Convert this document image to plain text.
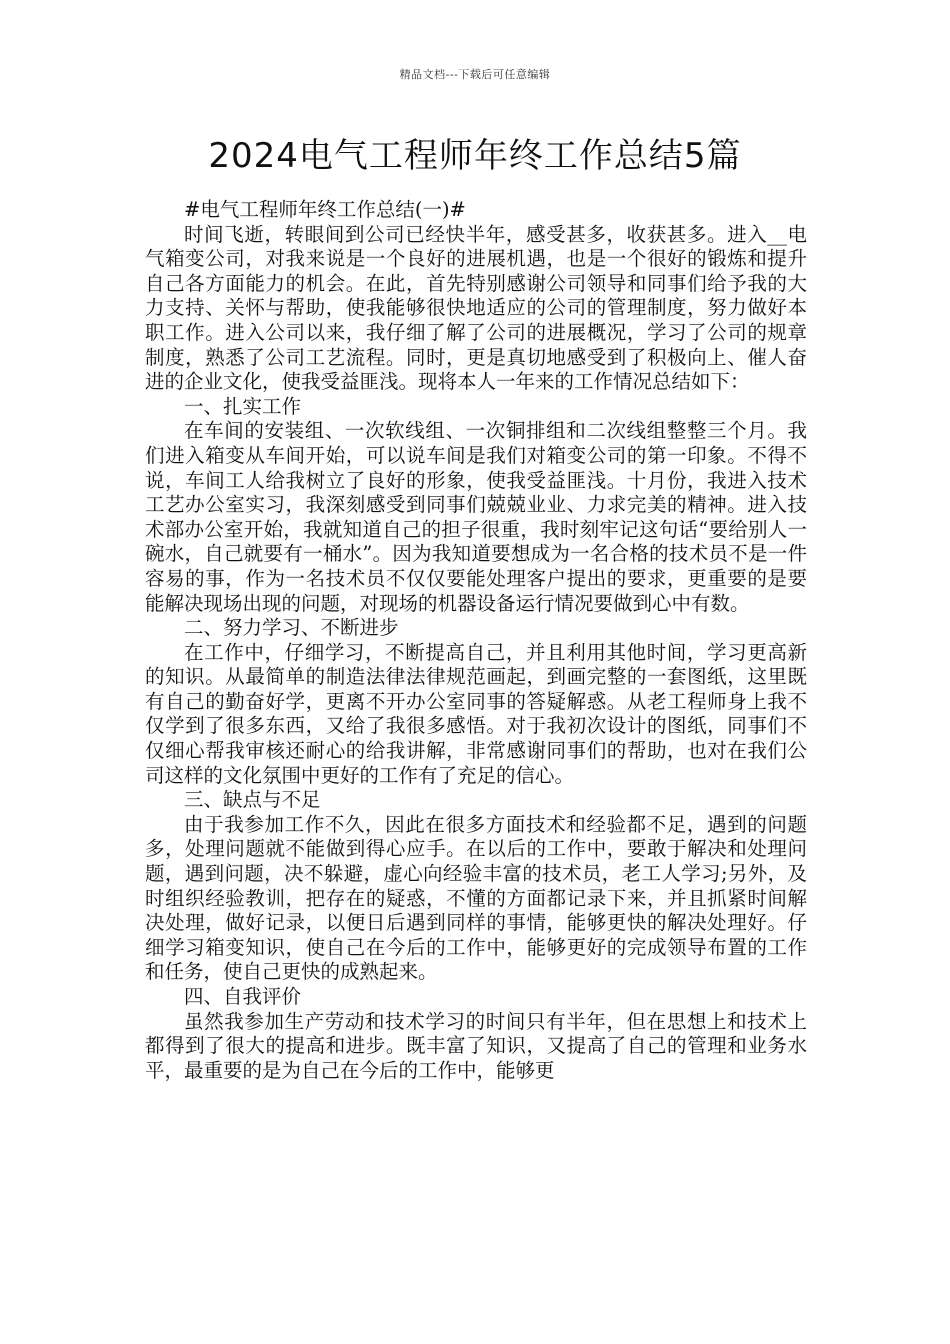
精品文档---下载后可任意编辑
2024电气工程师年终工作总结5篇

#电气工程师年终工作总结(一)#

时间飞逝，转眼间到公司已经快半年，感受甚多，收获甚多。进入__电气箱变公司，对我来说是一个良好的进展机遇，也是一个很好的锻炼和提升自己各方面能力的机会。在此，首先特别感谢公司领导和同事们给予我的大力支持、关怀与帮助，使我能够很快地适应的公司的管理制度，努力做好本职工作。进入公司以来，我仔细了解了公司的进展概况，学习了公司的规章制度，熟悉了公司工艺流程。同时，更是真切地感受到了积极向上、催人奋进的企业文化，使我受益匪浅。现将本人一年来的工作情况总结如下：

一、扎实工作

在车间的安装组、一次软线组、一次铜排组和二次线组整整三个月。我们进入箱变从车间开始，可以说车间是我们对箱变公司的第一印象。不得不说，车间工人给我树立了良好的形象，使我受益匪浅。十月份，我进入技术工艺办公室实习，我深刻感受到同事们兢兢业业、力求完美的精神。进入技术部办公室开始，我就知道自己的担子很重，我时刻牢记这句话“要给别人一碗水，自己就要有一桶水”。因为我知道要想成为一名合格的技术员不是一件容易的事，作为一名技术员不仅仅要能处理客户提出的要求，更重要的是要能解决现场出现的问题，对现场的机器设备运行情况要做到心中有数。

二、努力学习、不断进步

在工作中，仔细学习，不断提高自己，并且利用其他时间，学习更高新的知识。从最简单的制造法律法律规范画起，到画完整的一套图纸，这里既有自己的勤奋好学，更离不开办公室同事的答疑解惑。从老工程师身上我不仅学到了很多东西，又给了我很多感悟。对于我初次设计的图纸，同事们不仅细心帮我审核还耐心的给我讲解，非常感谢同事们的帮助，也对在我们公司这样的文化氛围中更好的工作有了充足的信心。

三、缺点与不足

由于我参加工作不久，因此在很多方面技术和经验都不足，遇到的问题多，处理问题就不能做到得心应手。在以后的工作中，要敢于解决和处理问题，遇到问题，决不躲避，虚心向经验丰富的技术员，老工人学习;另外，及时组织经验教训，把存在的疑惑，不懂的方面都记录下来，并且抓紧时间解决处理，做好记录，以便日后遇到同样的事情，能够更快的解决处理好。仔细学习箱变知识，使自己在今后的工作中，能够更好的完成领导布置的工作和任务，使自己更快的成熟起来。

四、自我评价

虽然我参加生产劳动和技术学习的时间只有半年，但在思想上和技术上都得到了很大的提高和进步。既丰富了知识，又提高了自己的管理和业务水平，最重要的是为自己在今后的工作中，能够更
